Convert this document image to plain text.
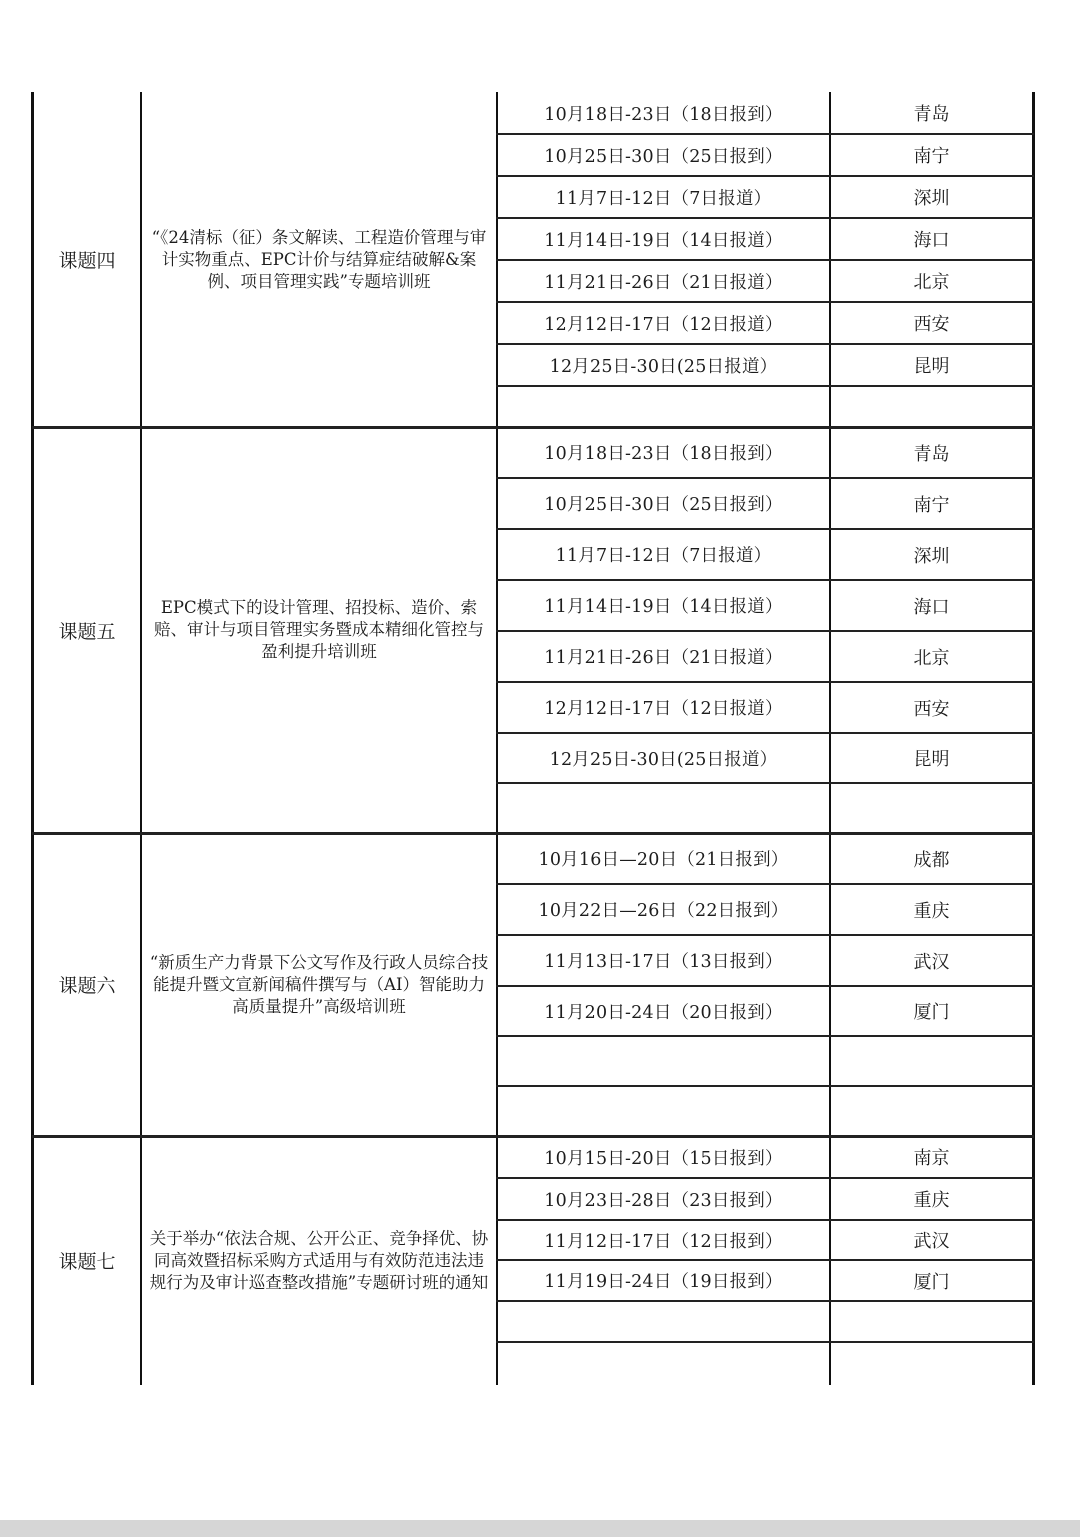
课题四
“《24清标（征）条文解读、工程造价管理与审计实物重点、EPC计价与结算症结破解&案例、项目管理实践”专题培训班
10月18日-23日（18日报到）	青岛
10月25日-30日（25日报到）	南宁
11月7日-12日（7日报道）	深圳
11月14日-19日（14日报道）	海口
11月21日-26日（21日报道）	北京
12月12日-17日（12日报道）	西安
12月25日-30日(25日报道）	昆明
课题五
EPC模式下的设计管理、招投标、造价、索赔、审计与项目管理实务暨成本精细化管控与盈利提升培训班
10月18日-23日（18日报到）	青岛
10月25日-30日（25日报到）	南宁
11月7日-12日（7日报道）	深圳
11月14日-19日（14日报道）	海口
11月21日-26日（21日报道）	北京
12月12日-17日（12日报道）	西安
12月25日-30日(25日报道）	昆明
课题六
“新质生产力背景下公文写作及行政人员综合技能提升暨文宣新闻稿件撰写与（AI）智能助力高质量提升”高级培训班
10月16日—20日（21日报到）	成都
10月22日—26日（22日报到）	重庆
11月13日-17日（13日报到）	武汉
11月20日-24日（20日报到）	厦门
课题七
关于举办“依法合规、公开公正、竞争择优、协同高效暨招标采购方式适用与有效防范违法违规行为及审计巡查整改措施”专题研讨班的通知
10月15日-20日（15日报到）	南京
10月23日-28日（23日报到）	重庆
11月12日-17日（12日报到）	武汉
11月19日-24日（19日报到）	厦门
